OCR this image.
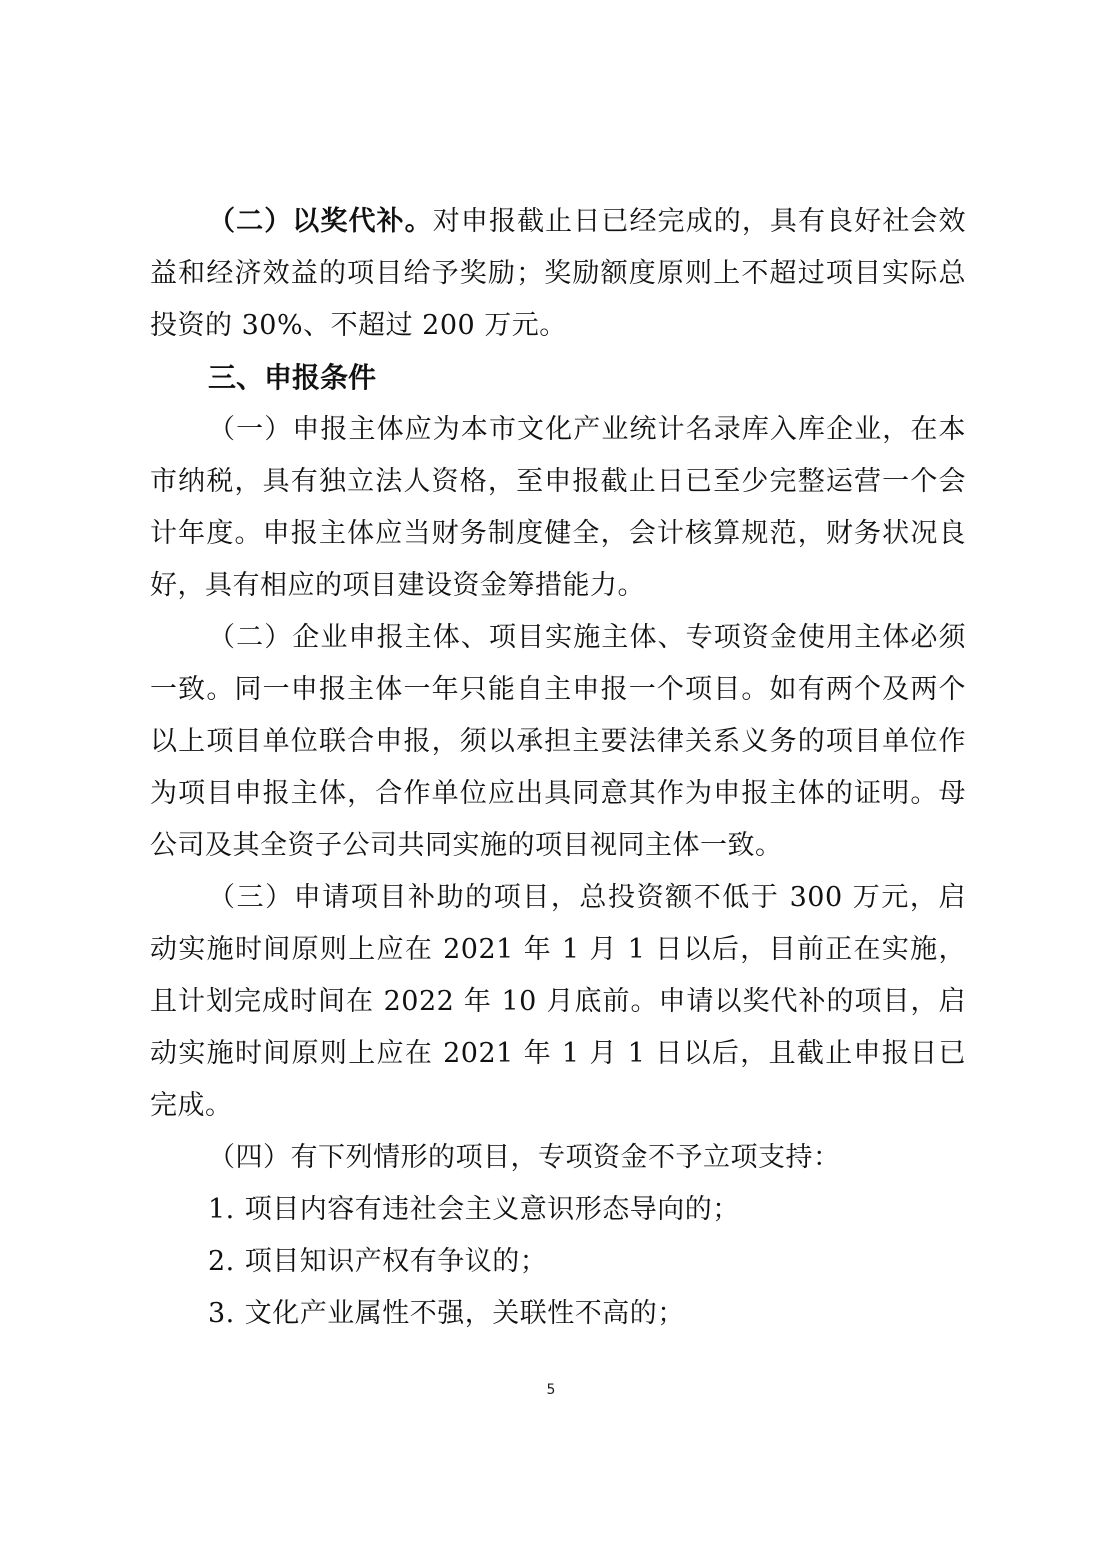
（二）以奖代补。对申报截止日已经完成的，具有良好社会效益和经济效益的项目给予奖励；奖励额度原则上不超过项目实际总投资的 30%、不超过 200 万元。

三、申报条件

（一）申报主体应为本市文化产业统计名录库入库企业，在本市纳税，具有独立法人资格，至申报截止日已至少完整运营一个会计年度。申报主体应当财务制度健全，会计核算规范，财务状况良好，具有相应的项目建设资金筹措能力。

（二）企业申报主体、项目实施主体、专项资金使用主体必须一致。同一申报主体一年只能自主申报一个项目。如有两个及两个以上项目单位联合申报，须以承担主要法律关系义务的项目单位作为项目申报主体，合作单位应出具同意其作为申报主体的证明。母公司及其全资子公司共同实施的项目视同主体一致。

（三）申请项目补助的项目，总投资额不低于 300 万元，启动实施时间原则上应在 2021 年 1 月 1 日以后，目前正在实施，且计划完成时间在 2022 年 10 月底前。申请以奖代补的项目，启动实施时间原则上应在 2021 年 1 月 1 日以后，且截止申报日已完成。

（四）有下列情形的项目，专项资金不予立项支持：

1. 项目内容有违社会主义意识形态导向的；

2. 项目知识产权有争议的；

3. 文化产业属性不强，关联性不高的；

5
